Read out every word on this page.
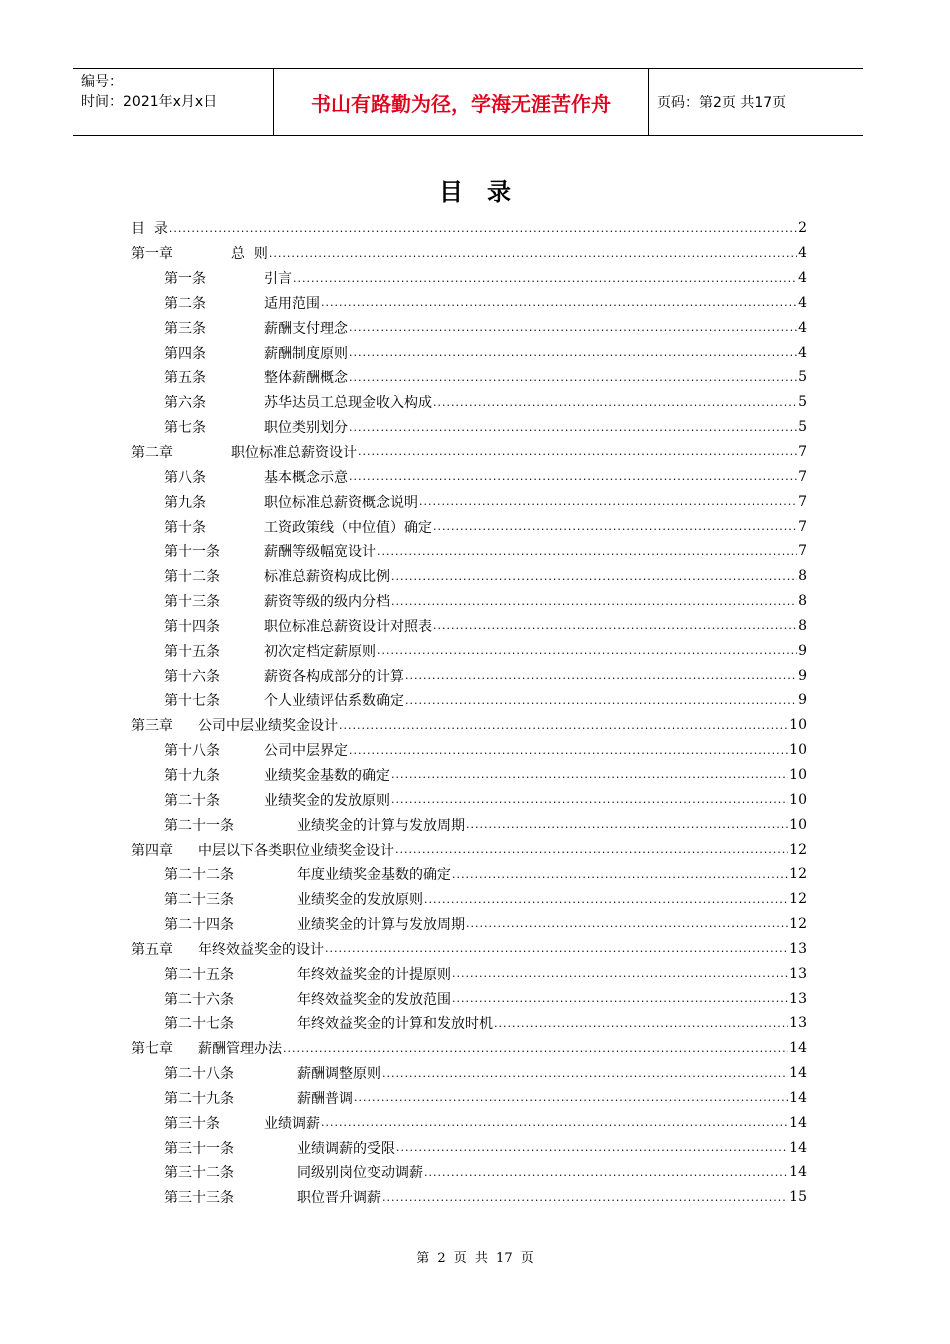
编号：
时间：2021年x月x日	书山有路勤为径，学海无涯苦作舟	页码：第2页 共17页
目录
目  录 .....	2
第一章	总  则 .....	4
第一条	引言 .....	4
第二条	适用范围 .....	4
第三条	薪酬支付理念 .....	4
第四条	薪酬制度原则 .....	4
第五条	整体薪酬概念 .....	5
第六条	苏华达员工总现金收入构成 .....	5
第七条	职位类别划分 .....	5
第二章	职位标准总薪资设计 .....	7
第八条	基本概念示意 .....	7
第九条	职位标准总薪资概念说明 .....	7
第十条	工资政策线（中位值）确定 .....	7
第十一条	薪酬等级幅宽设计 .....	7
第十二条	标准总薪资构成比例 .....	8
第十三条	薪资等级的级内分档 .....	8
第十四条	职位标准总薪资设计对照表 .....	8
第十五条	初次定档定薪原则 .....	9
第十六条	薪资各构成部分的计算 .....	9
第十七条	个人业绩评估系数确定 .....	9
第三章	公司中层业绩奖金设计 .....	10
第十八条	公司中层界定 .....	10
第十九条	业绩奖金基数的确定 .....	10
第二十条	业绩奖金的发放原则 .....	10
第二十一条	业绩奖金的计算与发放周期 .....	10
第四章	中层以下各类职位业绩奖金设计 .....	12
第二十二条	年度业绩奖金基数的确定 .....	12
第二十三条	业绩奖金的发放原则 .....	12
第二十四条	业绩奖金的计算与发放周期 .....	12
第五章	年终效益奖金的设计 .....	13
第二十五条	年终效益奖金的计提原则 .....	13
第二十六条	年终效益奖金的发放范围 .....	13
第二十七条	年终效益奖金的计算和发放时机 .....	13
第七章	薪酬管理办法 .....	14
第二十八条	薪酬调整原则 .....	14
第二十九条	薪酬普调 .....	14
第三十条	业绩调薪 .....	14
第三十一条	业绩调薪的受限 .....	14
第三十二条	同级别岗位变动调薪 .....	14
第三十三条	职位晋升调薪 .....	15
第 2 页 共 17 页
